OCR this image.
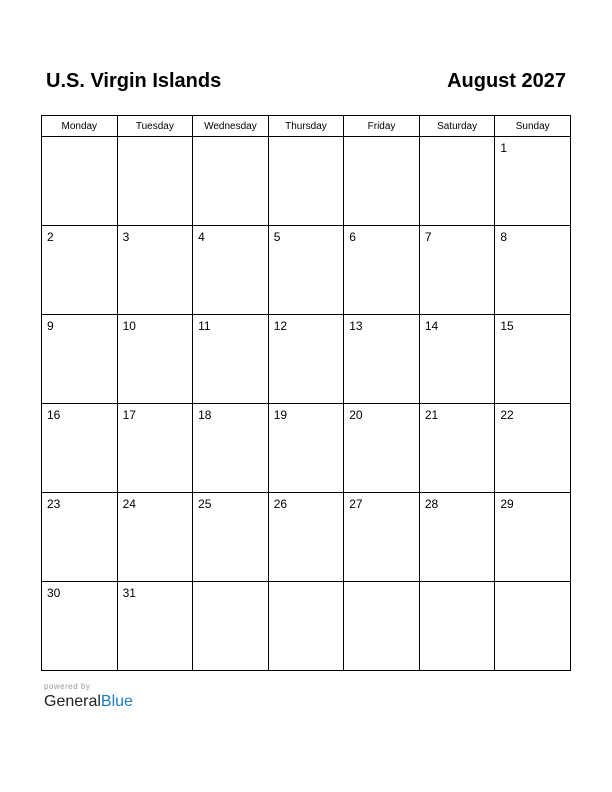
U.S. Virgin Islands	August 2027
Monday	Tuesday	Wednesday	Thursday	Friday	Saturday	Sunday

						1

2	3	4	5	6	7	8

9	10	11	12	13	14	15

16	17	18	19	20	21	22

23	24	25	26	27	28	29

30	31					

powered by
GeneralBlue
